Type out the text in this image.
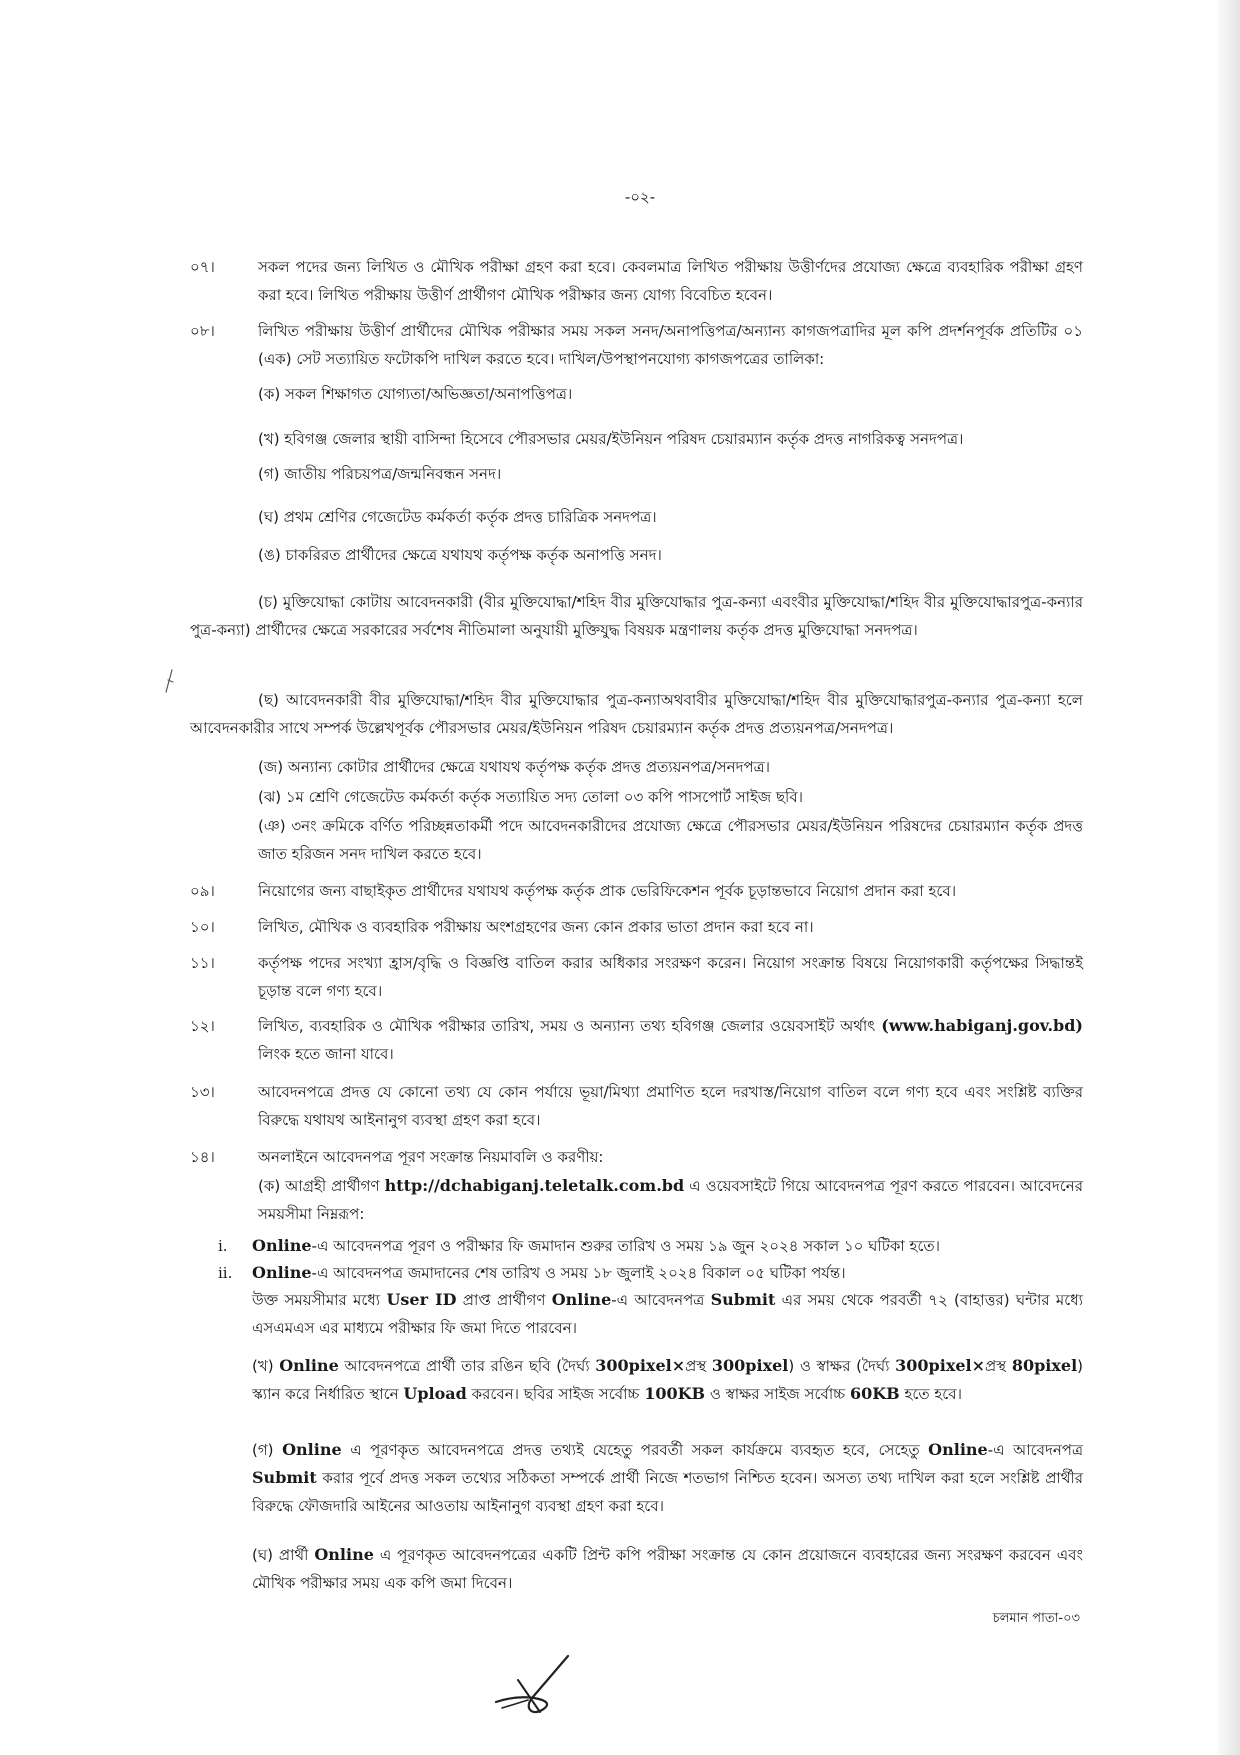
-০২-
০৭।	সকল পদের জন্য লিখিত ও মৌখিক পরীক্ষা গ্রহণ করা হবে। কেবলমাত্র লিখিত পরীক্ষায় উত্তীর্ণদের প্রযোজ্য ক্ষেত্রে ব্যবহারিক পরীক্ষা গ্রহণ করা হবে। লিখিত পরীক্ষায় উত্তীর্ণ প্রার্থীগণ মৌখিক পরীক্ষার জন্য যোগ্য বিবেচিত হবেন।
০৮।	লিখিত পরীক্ষায় উত্তীর্ণ প্রার্থীদের মৌখিক পরীক্ষার সময় সকল সনদ/অনাপত্তিপত্র/অন্যান্য কাগজপত্রাদির মূল কপি প্রদর্শনপূর্বক প্রতিটির ০১ (এক) সেট সত্যায়িত ফটোকপি দাখিল করতে হবে। দাখিল/উপস্থাপনযোগ্য কাগজপত্রের তালিকা:
(ক) সকল শিক্ষাগত যোগ্যতা/অভিজ্ঞতা/অনাপত্তিপত্র।
(খ) হবিগঞ্জ জেলার স্থায়ী বাসিন্দা হিসেবে পৌরসভার মেয়র/ইউনিয়ন পরিষদ চেয়ারম্যান কর্তৃক প্রদত্ত নাগরিকত্ব সনদপত্র।
(গ) জাতীয় পরিচয়পত্র/জন্মনিবন্ধন সনদ।
(ঘ) প্রথম শ্রেণির গেজেটেড কর্মকর্তা কর্তৃক প্রদত্ত চারিত্রিক সনদপত্র।
(ঙ) চাকরিরত প্রার্থীদের ক্ষেত্রে যথাযথ কর্তৃপক্ষ কর্তৃক অনাপত্তি সনদ।
(চ) মুক্তিযোদ্ধা কোটায় আবেদনকারী (বীর মুক্তিযোদ্ধা/শহিদ বীর মুক্তিযোদ্ধার পুত্র-কন্যা এবংবীর মুক্তিযোদ্ধা/শহিদ বীর মুক্তিযোদ্ধারপুত্র-কন্যার পুত্র-কন্যা) প্রার্থীদের ক্ষেত্রে সরকারের সর্বশেষ নীতিমালা অনুযায়ী মুক্তিযুদ্ধ বিষয়ক মন্ত্রণালয় কর্তৃক প্রদত্ত মুক্তিযোদ্ধা সনদপত্র।
(ছ) আবেদনকারী বীর মুক্তিযোদ্ধা/শহিদ বীর মুক্তিযোদ্ধার পুত্র-কন্যাঅথবাবীর মুক্তিযোদ্ধা/শহিদ বীর মুক্তিযোদ্ধারপুত্র-কন্যার পুত্র-কন্যা হলে আবেদনকারীর সাথে সম্পর্ক উল্লেখপূর্বক পৌরসভার মেয়র/ইউনিয়ন পরিষদ চেয়ারম্যান কর্তৃক প্রদত্ত প্রত্যয়নপত্র/সনদপত্র।
(জ) অন্যান্য কোটার প্রার্থীদের ক্ষেত্রে যথাযথ কর্তৃপক্ষ কর্তৃক প্রদত্ত প্রত্যয়নপত্র/সনদপত্র।
(ঝ) ১ম শ্রেণি গেজেটেড কর্মকর্তা কর্তৃক সত্যায়িত সদ্য তোলা ০৩ কপি পাসপোর্ট সাইজ ছবি।
(ঞ) ৩নং ক্রমিকে বর্ণিত পরিচ্ছন্নতাকর্মী পদে আবেদনকারীদের প্রযোজ্য ক্ষেত্রে পৌরসভার মেয়র/ইউনিয়ন পরিষদের চেয়ারম্যান কর্তৃক প্রদত্ত জাত হরিজন সনদ দাখিল করতে হবে।
০৯।	নিয়োগের জন্য বাছাইকৃত প্রার্থীদের যথাযথ কর্তৃপক্ষ কর্তৃক প্রাক ভেরিফিকেশন পূর্বক চূড়ান্তভাবে নিয়োগ প্রদান করা হবে।
১০।	লিখিত, মৌখিক ও ব্যবহারিক পরীক্ষায় অংশগ্রহণের জন্য কোন প্রকার ভাতা প্রদান করা হবে না।
১১।	কর্তৃপক্ষ পদের সংখ্যা হ্রাস/বৃদ্ধি ও বিজ্ঞপ্তি বাতিল করার অধিকার সংরক্ষণ করেন। নিয়োগ সংক্রান্ত বিষয়ে নিয়োগকারী কর্তৃপক্ষের সিদ্ধান্তই চূড়ান্ত বলে গণ্য হবে।
১২।	লিখিত, ব্যবহারিক ও মৌখিক পরীক্ষার তারিখ, সময় ও অন্যান্য তথ্য হবিগঞ্জ জেলার ওয়েবসাইট অর্থাৎ (www.habiganj.gov.bd) লিংক হতে জানা যাবে।
১৩।	আবেদনপত্রে প্রদত্ত যে কোনো তথ্য যে কোন পর্যায়ে ভূয়া/মিথ্যা প্রমাণিত হলে দরখাস্ত/নিয়োগ বাতিল বলে গণ্য হবে এবং সংশ্লিষ্ট ব্যক্তির বিরুদ্ধে যথাযথ আইনানুগ ব্যবস্থা গ্রহণ করা হবে।
১৪।	অনলাইনে আবেদনপত্র পূরণ সংক্রান্ত নিয়মাবলি ও করণীয়:
(ক) আগ্রহী প্রার্থীগণ http://dchabiganj.teletalk.com.bd এ ওয়েবসাইটে গিয়ে আবেদনপত্র পূরণ করতে পারবেন। আবেদনের সময়সীমা নিম্নরূপ:
i. Online-এ আবেদনপত্র পূরণ ও পরীক্ষার ফি জমাদান শুরুর তারিখ ও সময় ১৯ জুন ২০২৪ সকাল ১০ ঘটিকা হতে।
ii. Online-এ আবেদনপত্র জমাদানের শেষ তারিখ ও সময় ১৮ জুলাই ২০২৪ বিকাল ০৫ ঘটিকা পর্যন্ত।
উক্ত সময়সীমার মধ্যে User ID প্রাপ্ত প্রার্থীগণ Online-এ আবেদনপত্র Submit এর সময় থেকে পরবর্তী ৭২ (বাহাত্তর) ঘন্টার মধ্যে এসএমএস এর মাধ্যমে পরীক্ষার ফি জমা দিতে পারবেন।
(খ) Online আবেদনপত্রে প্রার্থী তার রঙিন ছবি (দৈর্ঘ্য 300pixel×প্রস্থ 300pixel) ও স্বাক্ষর (দৈর্ঘ্য 300pixel×প্রস্থ 80pixel) স্ক্যান করে নির্ধারিত স্থানে Upload করবেন। ছবির সাইজ সর্বোচ্চ 100KB ও স্বাক্ষর সাইজ সর্বোচ্চ 60KB হতে হবে।
(গ) Online এ পূরণকৃত আবেদনপত্রে প্রদত্ত তথ্যই যেহেতু পরবর্তী সকল কার্যক্রমে ব্যবহৃত হবে, সেহেতু Online-এ আবেদনপত্র Submit করার পূর্বে প্রদত্ত সকল তথ্যের সঠিকতা সম্পর্কে প্রার্থী নিজে শতভাগ নিশ্চিত হবেন। অসত্য তথ্য দাখিল করা হলে সংশ্লিষ্ট প্রার্থীর বিরুদ্ধে ফৌজদারি আইনের আওতায় আইনানুগ ব্যবস্থা গ্রহণ করা হবে।
(ঘ) প্রার্থী Online এ পূরণকৃত আবেদনপত্রের একটি প্রিন্ট কপি পরীক্ষা সংক্রান্ত যে কোন প্রয়োজনে ব্যবহারের জন্য সংরক্ষণ করবেন এবং মৌখিক পরীক্ষার সময় এক কপি জমা দিবেন।
চলমান পাতা-০৩
